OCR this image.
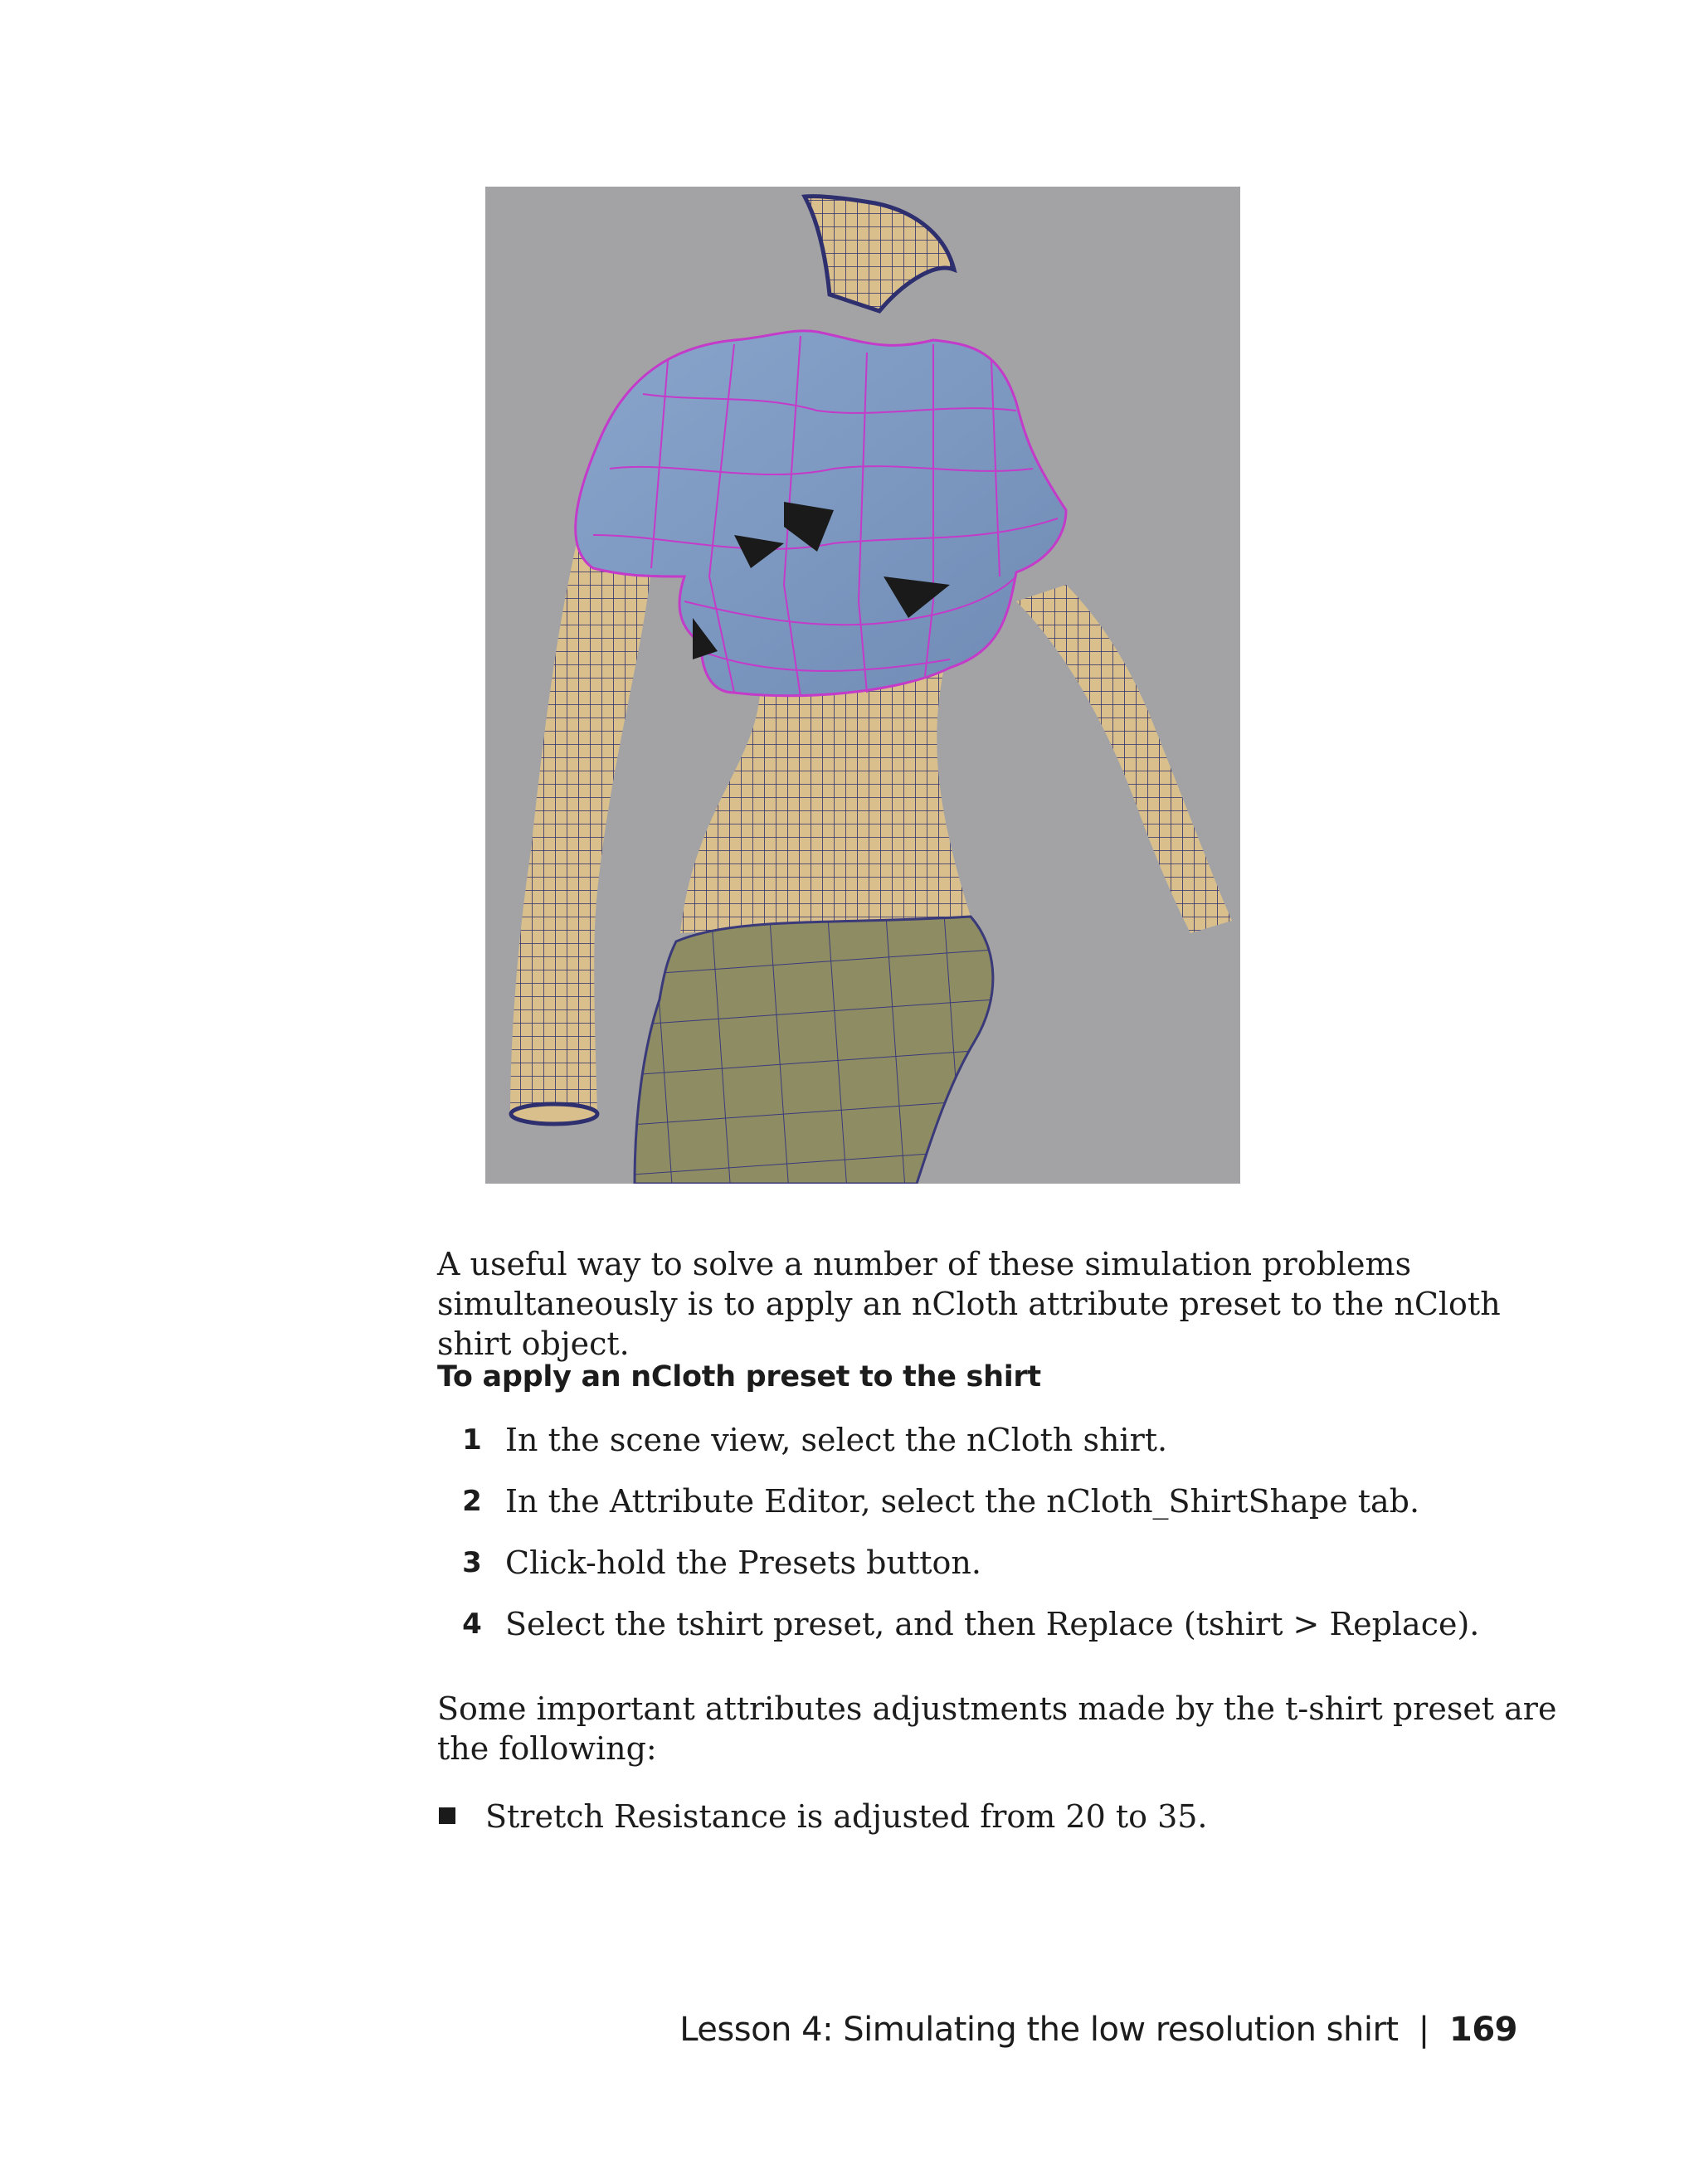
A useful way to solve a number of these simulation problems simultaneously is to apply an nCloth attribute preset to the nCloth shirt object.

To apply an nCloth preset to the shirt
1 In the scene view, select the nCloth shirt.
2 In the Attribute Editor, select the nCloth_ShirtShape tab.
3 Click-hold the Presets button.
4 Select the tshirt preset, and then Replace (tshirt > Replace).

Some important attributes adjustments made by the t-shirt preset are the following:

Stretch Resistance is adjusted from 20 to 35.
Lesson 4: Simulating the low resolution shirt | 169
